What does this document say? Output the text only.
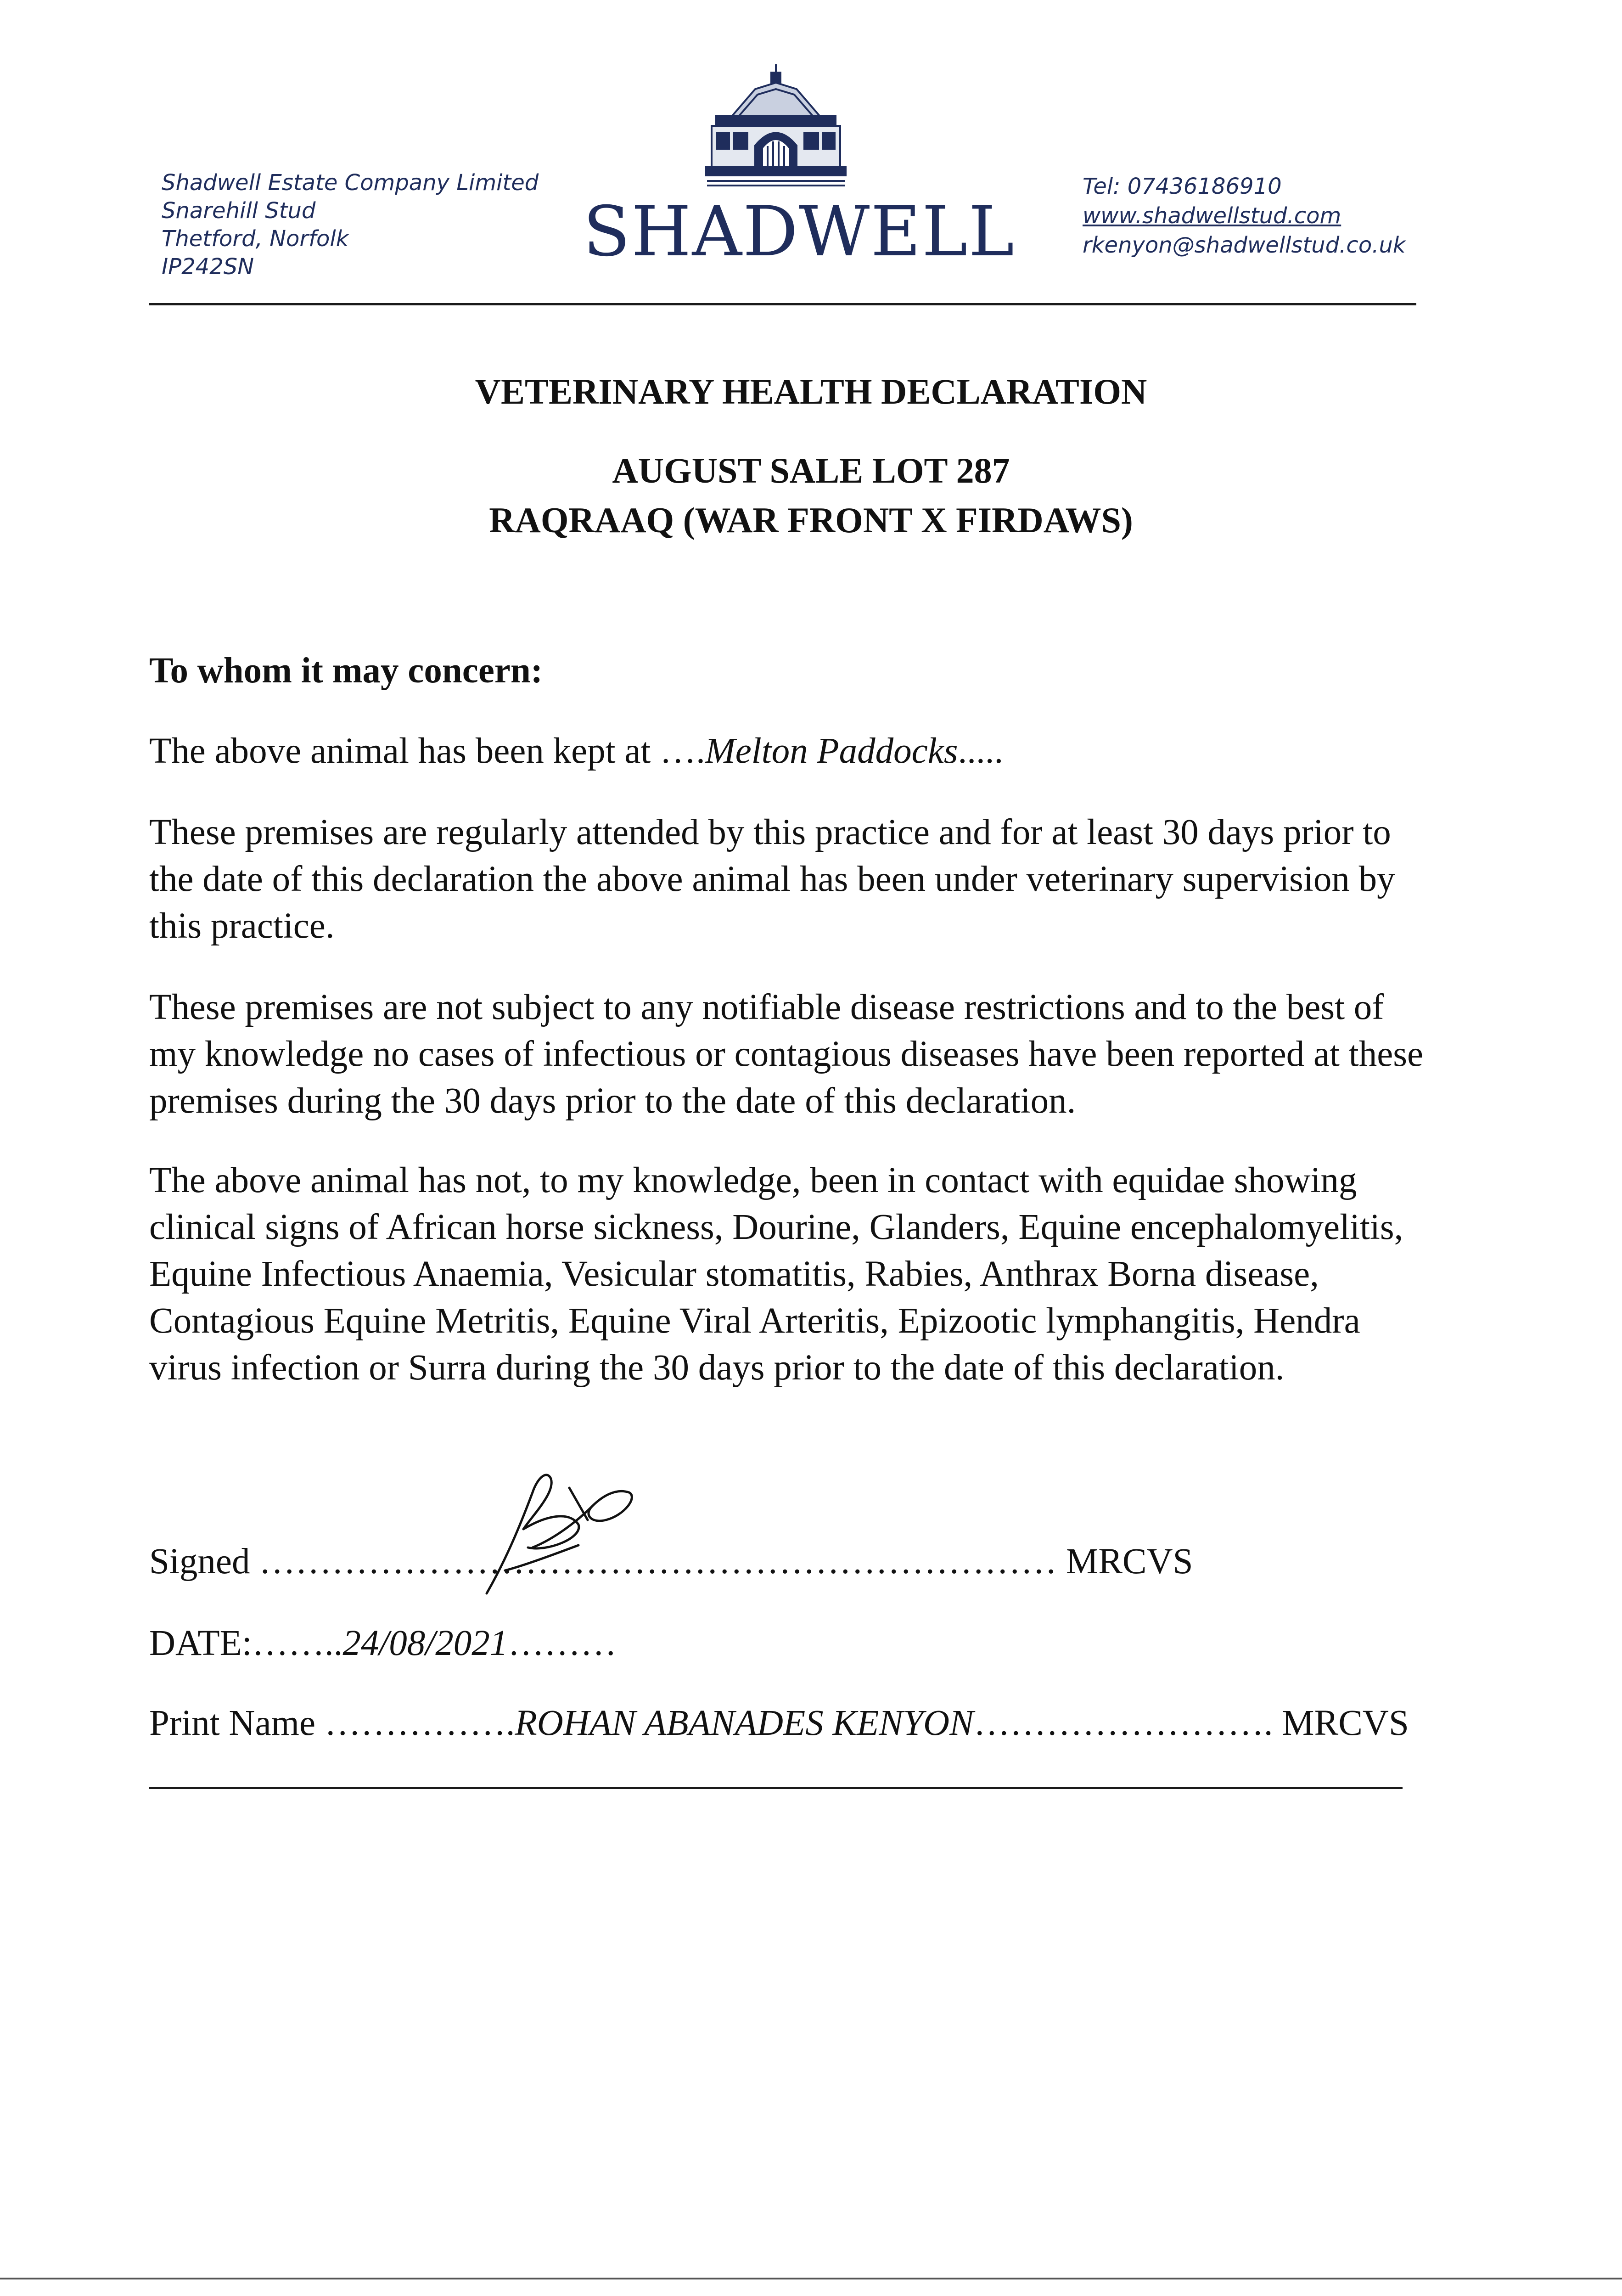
Shadwell Estate Company Limited
Snarehill Stud
Thetford, Norfolk
IP242SN	SHADWELL
Tel: 07436186910
www.shadwellstud.com
rkenyon@shadwellstud.co.uk
VETERINARY HEALTH DECLARATION
AUGUST SALE LOT 287
RAQRAAQ (WAR FRONT X FIRDAWS)
To whom it may concern:
The above animal has been kept at ….Melton Paddocks.....
These premises are regularly attended by this practice and for at least 30 days prior to the date of this declaration the above animal has been under veterinary supervision by this practice.
These premises are not subject to any notifiable disease restrictions and to the best of my knowledge no cases of infectious or contagious diseases have been reported at these premises during the 30 days prior to the date of this declaration.
The above animal has not, to my knowledge, been in contact with equidae showing clinical signs of African horse sickness, Dourine, Glanders, Equine encephalomyelitis, Equine Infectious Anaemia, Vesicular stomatitis, Rabies, Anthrax Borna disease, Contagious Equine Metritis, Equine Viral Arteritis, Epizootic lymphangitis, Hendra virus infection or Surra during the 30 days prior to the date of this declaration.
Signed ………………………………………………………… MRCVS
DATE:……..24/08/2021………
Print Name …………….ROHAN ABANADES KENYON……………………. MRCVS
